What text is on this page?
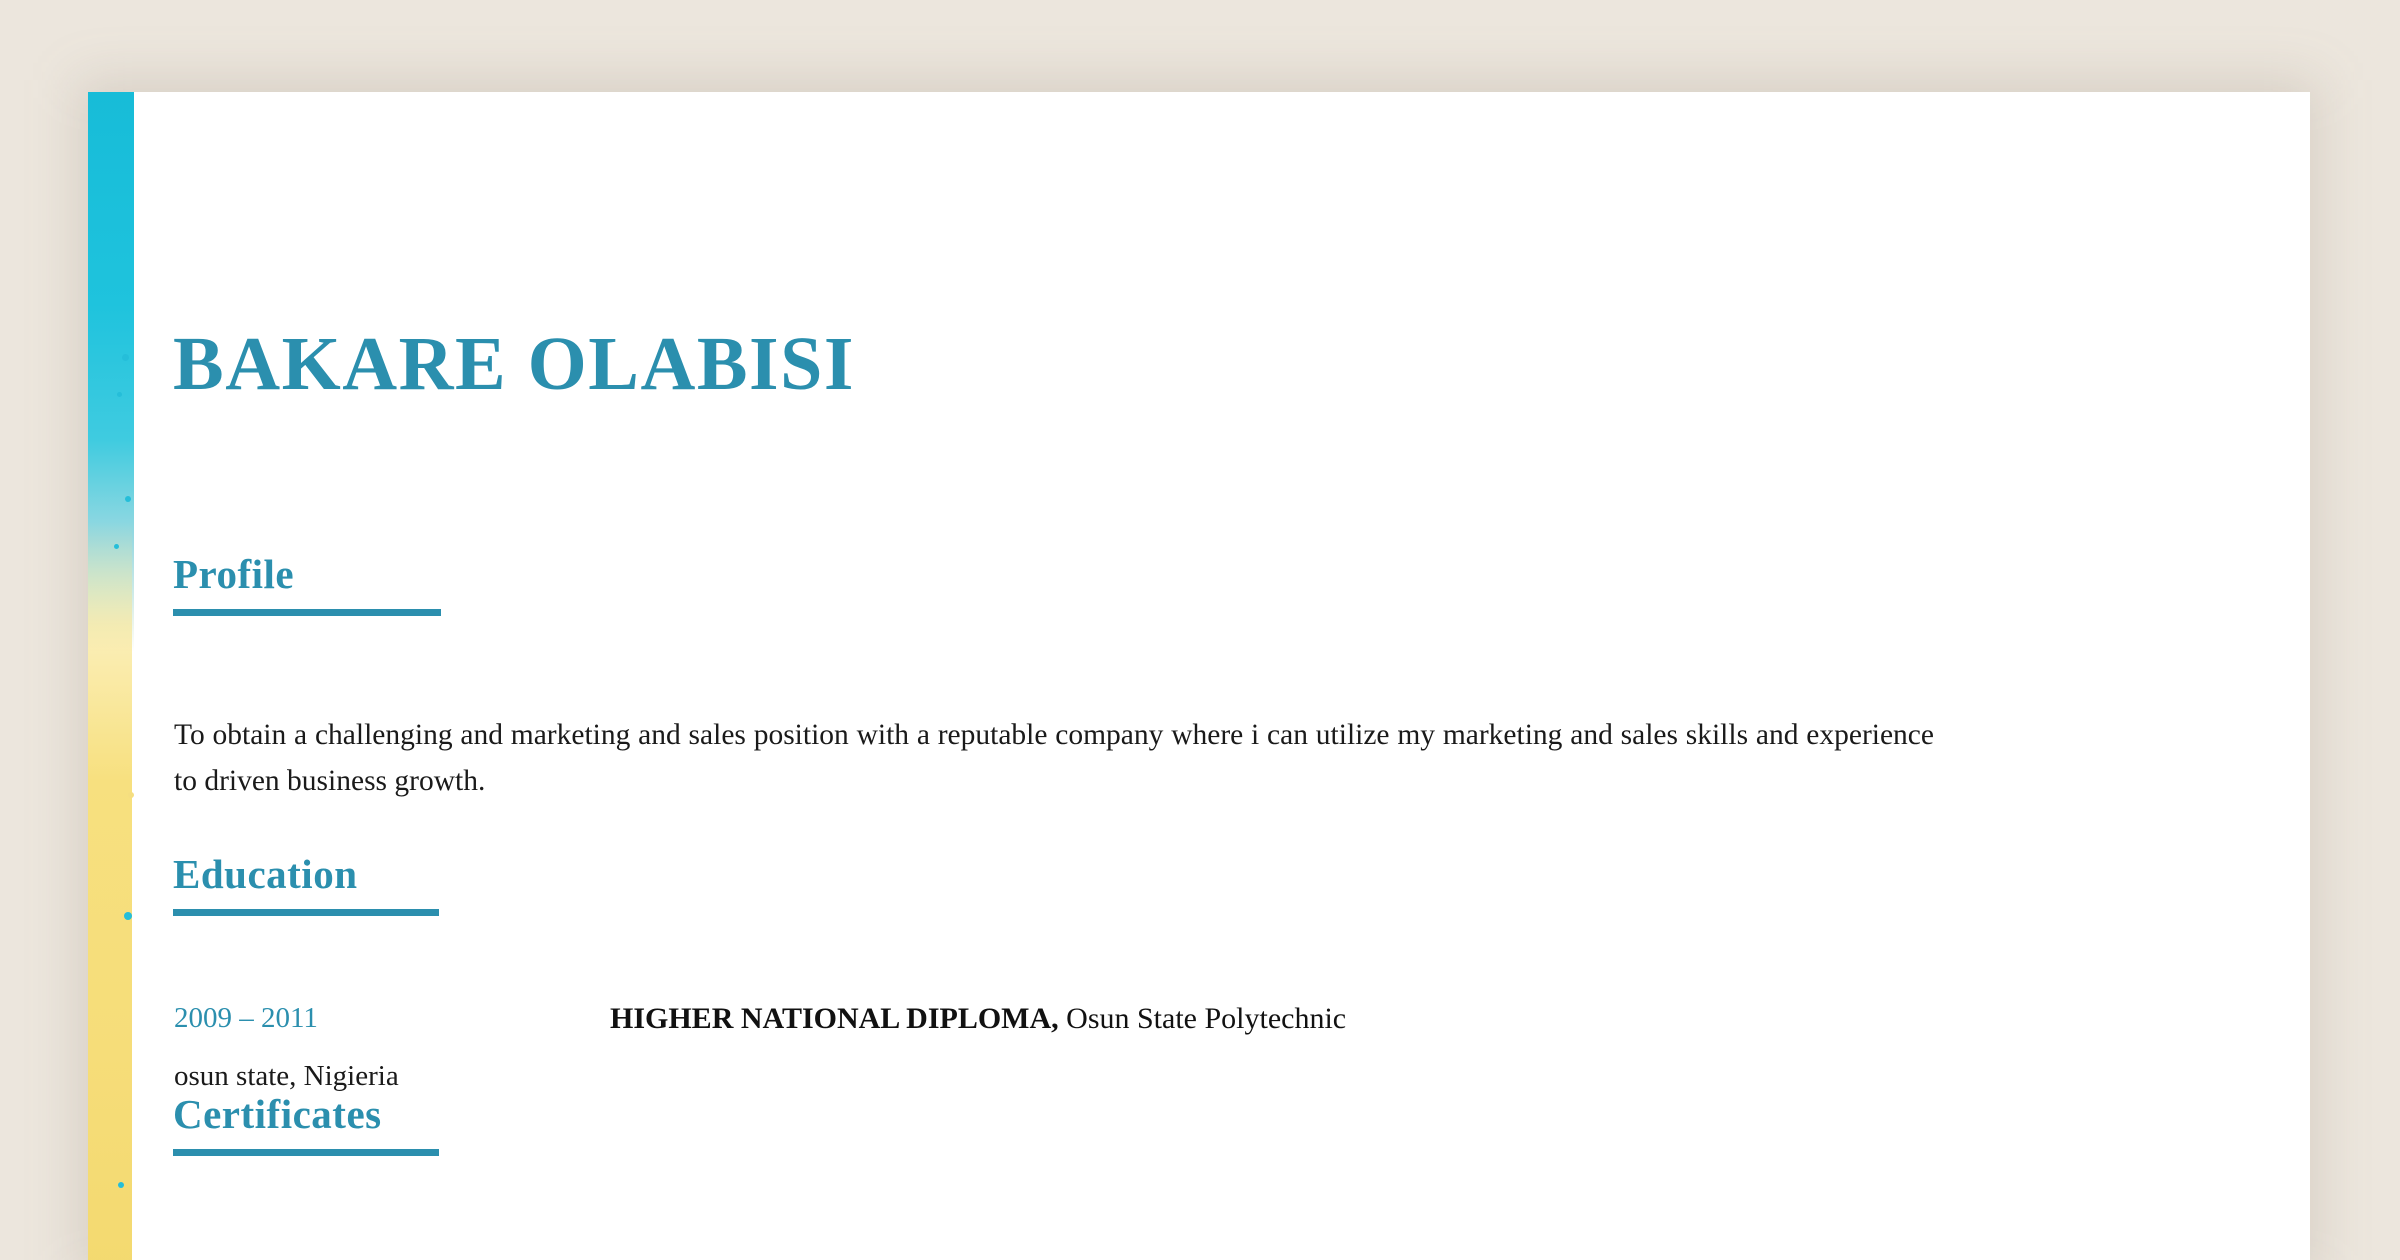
BAKARE OLABISI
Profile

To obtain a challenging and marketing and sales position with a reputable company where i can utilize my marketing and sales skills and experience to driven business growth.

Education
2009 – 2011
osun state, Nigieria
HIGHER NATIONAL DIPLOMA, Osun State Polytechnic
Certificates
